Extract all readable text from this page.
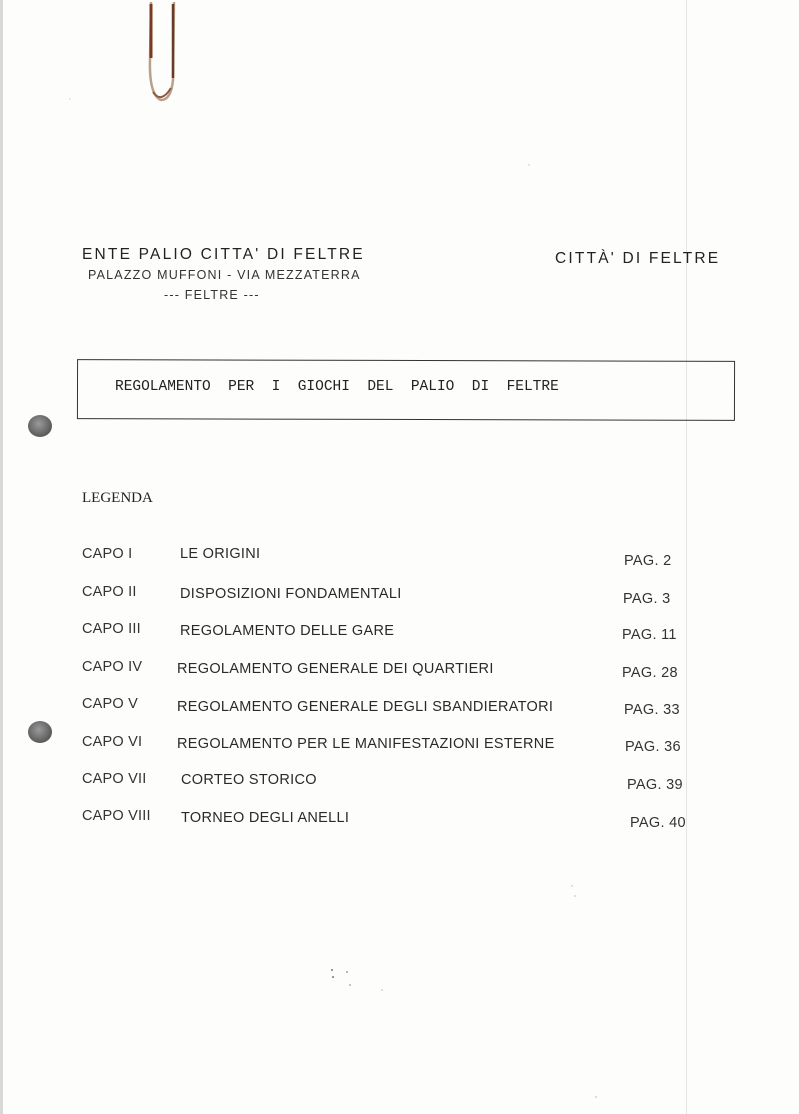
ENTE PALIO CITTA' DI FELTRE
PALAZZO MUFFONI - VIA MEZZATERRA
--- FELTRE ---
CITTÀ' DI FELTRE
REGOLAMENTO  PER  I  GIOCHI  DEL  PALIO  DI  FELTRE
LEGENDA
CAPO I	LE ORIGINI	PAG. 2
CAPO II	DISPOSIZIONI FONDAMENTALI	PAG. 3
CAPO III	REGOLAMENTO DELLE GARE	PAG. 11
CAPO IV REGOLAMENTO GENERALE DEI QUARTIERI	PAG. 28
CAPO V	REGOLAMENTO GENERALE DEGLI SBANDIERATORI	PAG. 33
CAPO VI REGOLAMENTO PER LE MANIFESTAZIONI ESTERNE	PAG. 36
CAPO VII CORTEO STORICO	PAG. 39
CAPO VIII TORNEO DEGLI ANELLI	PAG. 40
